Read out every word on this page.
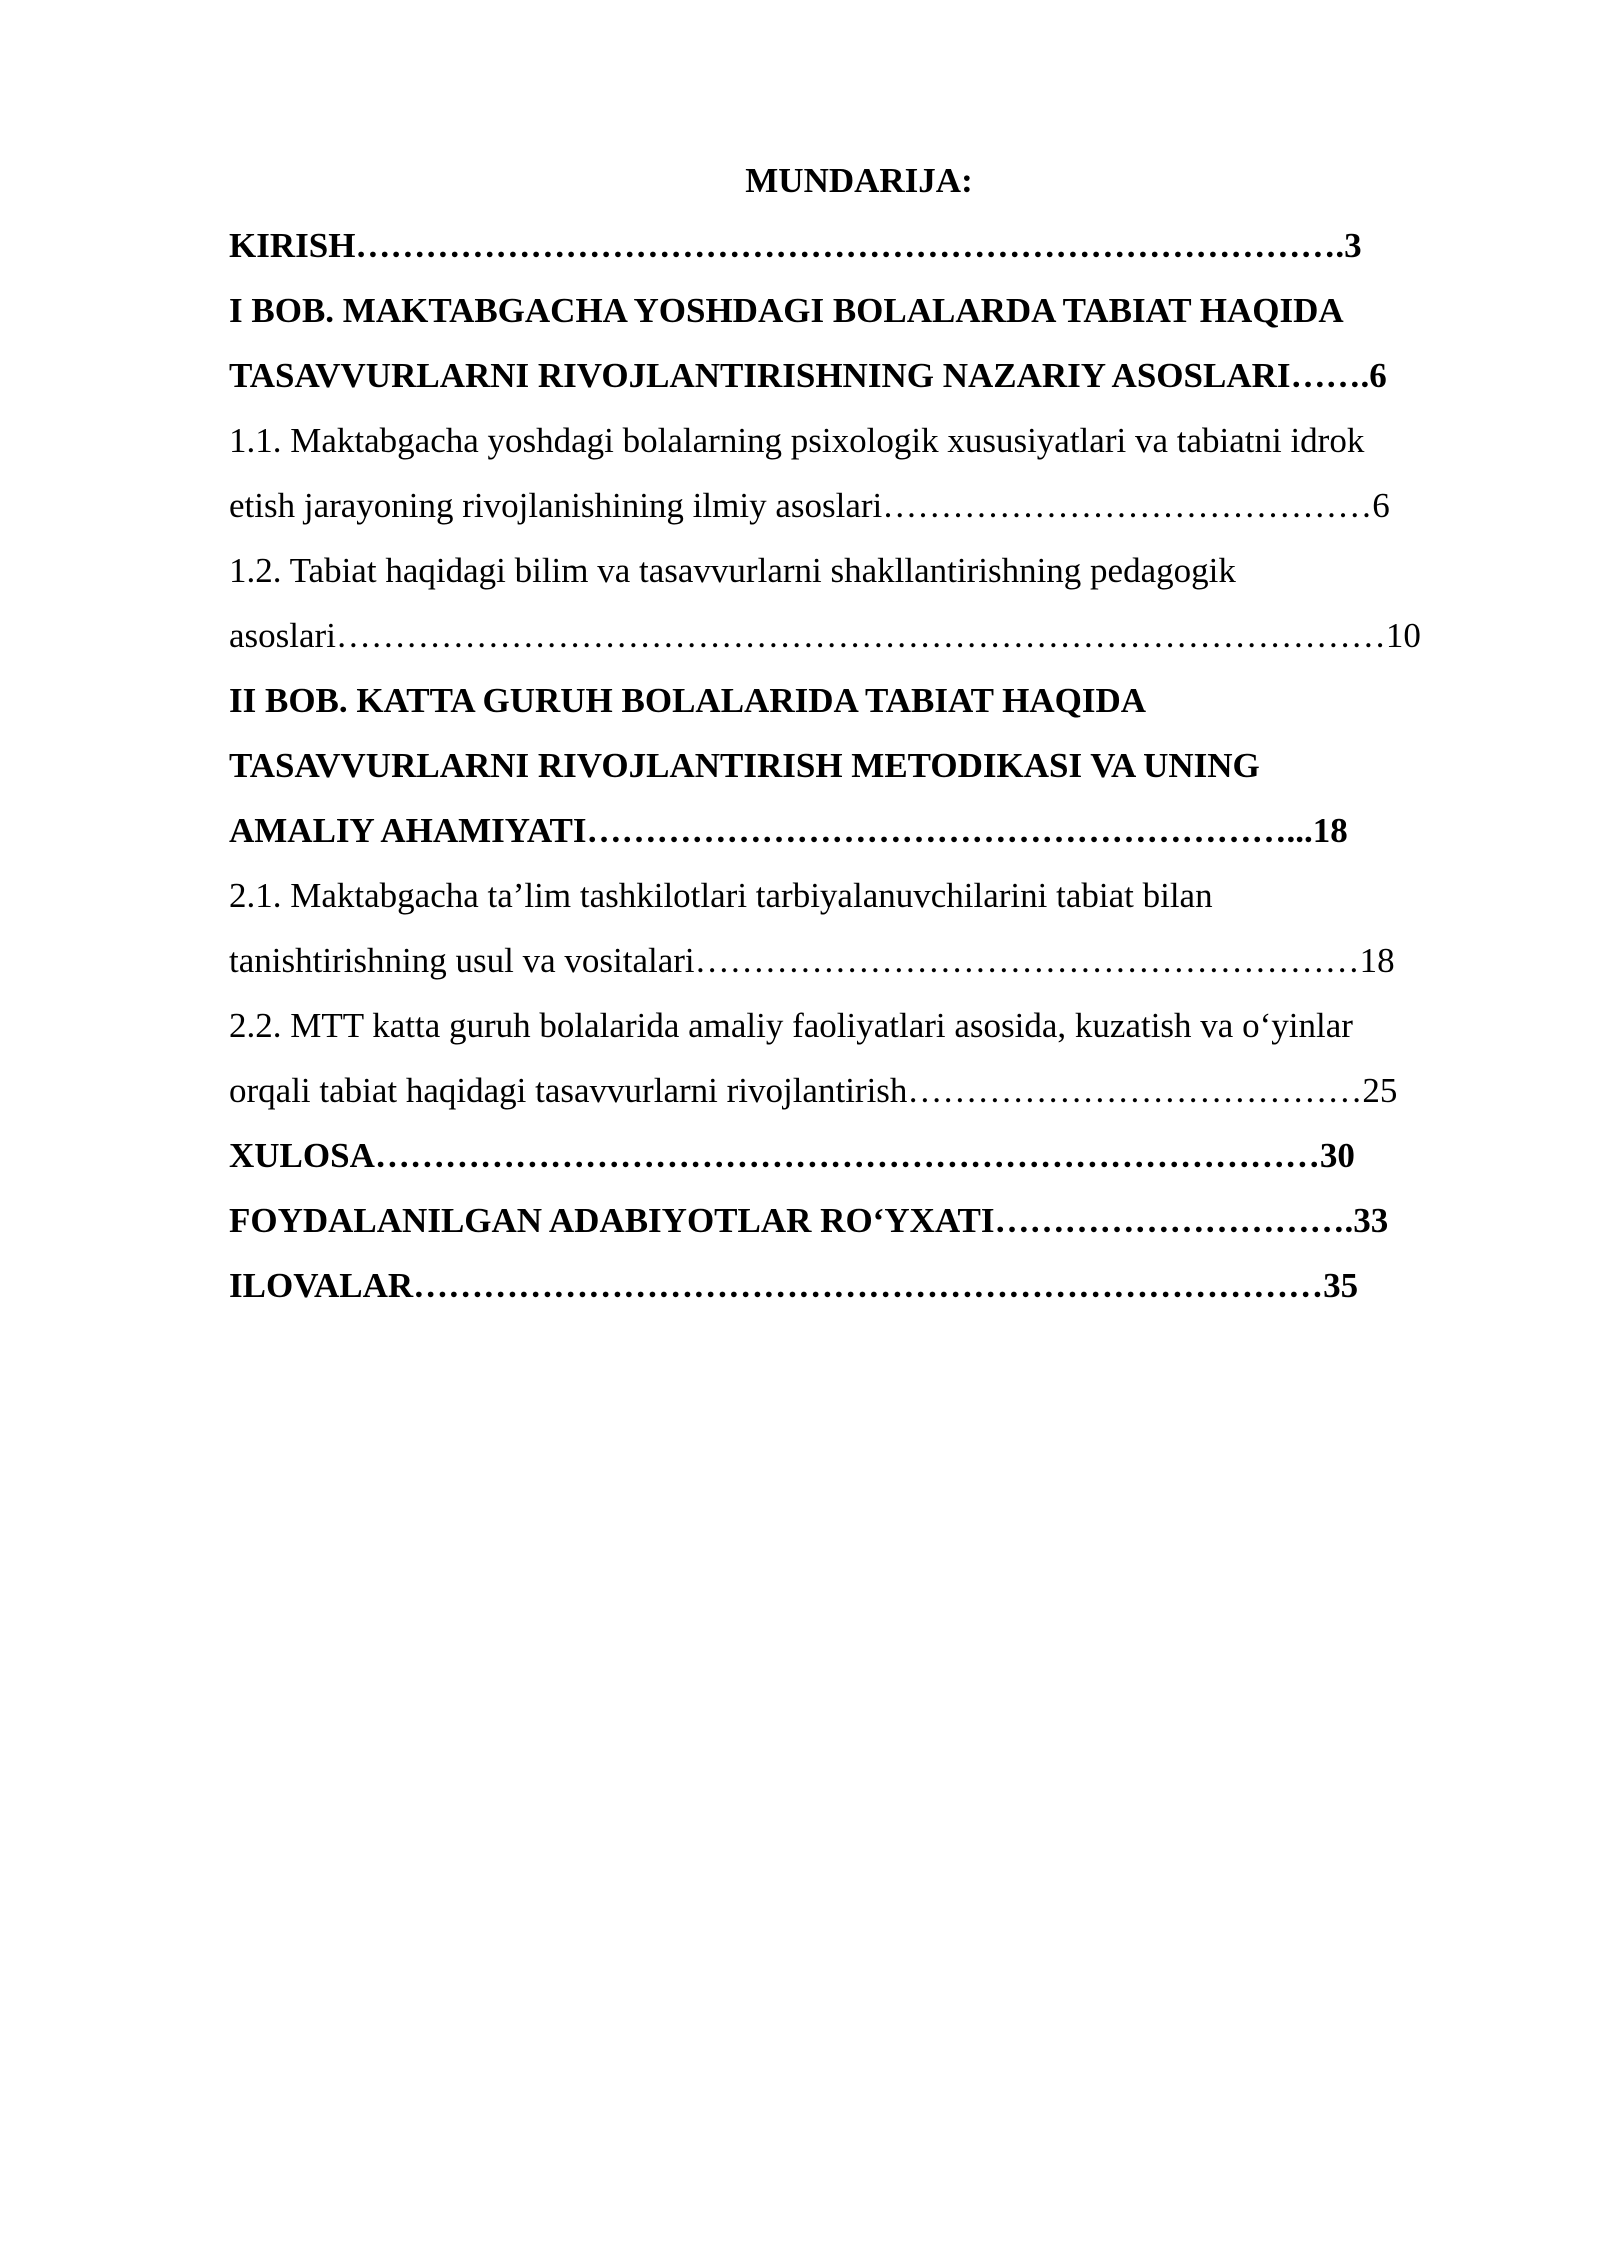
MUNDARIJA:
KIRISH………………………………………………………………………….3
I BOB. MAKTABGACHA YOSHDAGI BOLALARDA TABIAT HAQIDA
TASAVVURLARNI RIVOJLANTIRISHNING NAZARIY ASOSLARI…….6
1.1. Maktabgacha yoshdagi bolalarning psixologik xususiyatlari va tabiatni idrok
etish jarayoning rivojlanishining ilmiy asoslari……………………………………6
1.2. Tabiat haqidagi bilim va tasavvurlarni shakllantirishning pedagogik
asoslari………………………………………………………………………………10
II BOB. KATTA GURUH BOLALARIDA TABIAT HAQIDA
TASAVVURLARNI RIVOJLANTIRISH METODIKASI VA UNING
AMALIY AHAMIYATI……………………………………………………...18
2.1. Maktabgacha ta’lim tashkilotlari tarbiyalanuvchilarini tabiat bilan
tanishtirishning usul va vositalari…………………………………………………18
2.2. MTT katta guruh bolalarida amaliy faoliyatlari asosida, kuzatish va o‘yinlar
orqali tabiat haqidagi tasavvurlarni rivojlantirish…………………………………25
XULOSA………………………………………………………………………30
FOYDALANILGAN ADABIYOTLAR RO‘YXATI………………………….33
ILOVALAR……………………………………………………………………35
